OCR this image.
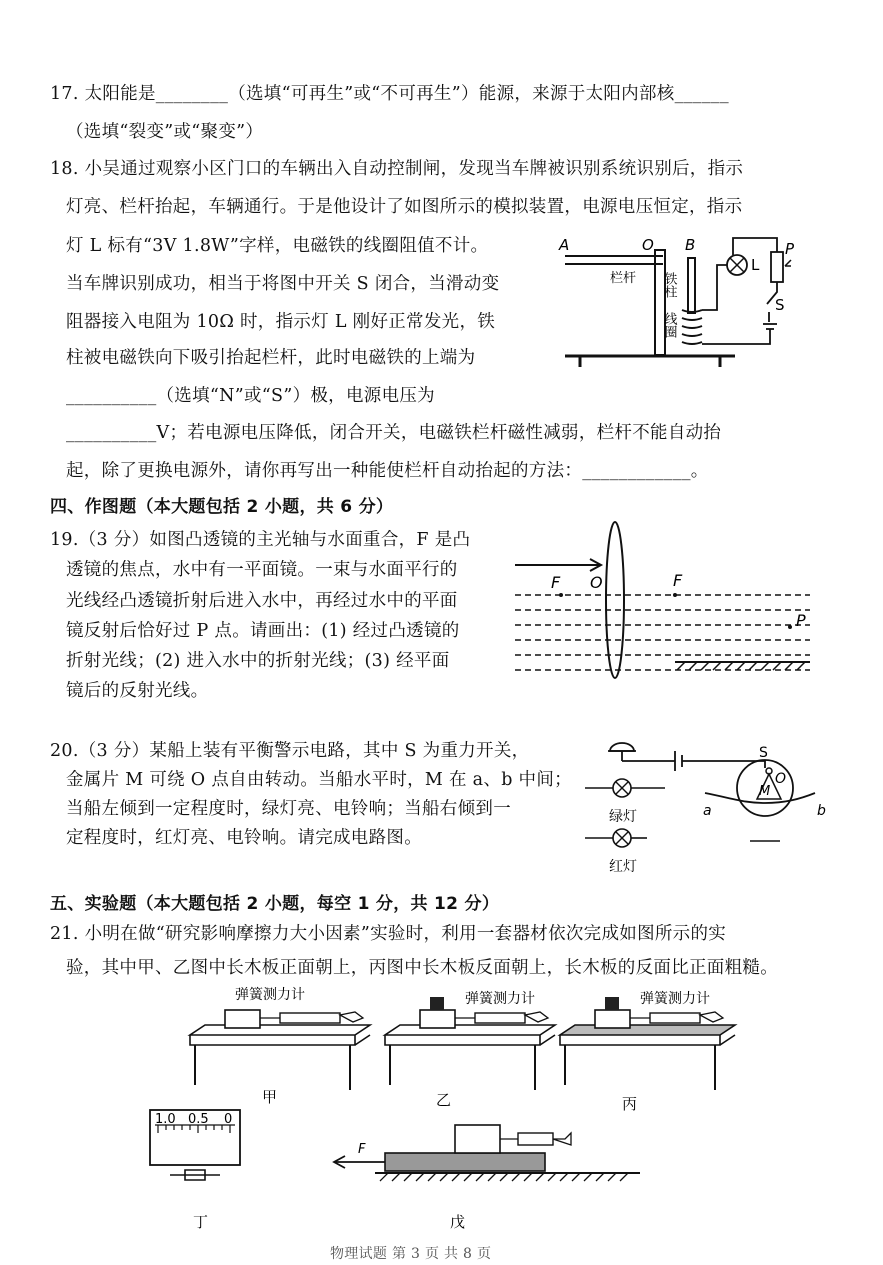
17. 太阳能是________（选填“可再生”或“不可再生”）能源，来源于太阳内部核______
（选填“裂变”或“聚变”）
18. 小吴通过观察小区门口的车辆出入自动控制闸，发现当车牌被识别系统识别后，指示
灯亮、栏杆抬起，车辆通行。于是他设计了如图所示的模拟装置，电源电压恒定，指示
灯 L 标有“3V 1.8W”字样，电磁铁的线圈阻值不计。
当车牌识别成功，相当于将图中开关 S 闭合，当滑动变
阻器接入电阻为 10Ω 时，指示灯 L 刚好正常发光，铁
柱被电磁铁向下吸引抬起栏杆，此时电磁铁的上端为
__________（选填“N”或“S”）极，电源电压为
__________V；若电源电压降低，闭合开关，电磁铁栏杆磁性减弱，栏杆不能自动抬
起，除了更换电源外，请你再写出一种能使栏杆自动抬起的方法：____________。
A	O B
栏杆 铁柱
线圈
L
P
S
四、作图题（本大题包括 2 小题，共 6 分）
19.（3 分）如图凸透镜的主光轴与水面重合，F 是凸
透镜的焦点，水中有一平面镜。一束与水面平行的
光线经凸透镜折射后进入水中，再经过水中的平面
镜反射后恰好过 P 点。请画出：(1) 经过凸透镜的
折射光线；(2) 进入水中的折射光线；(3) 经平面
镜后的反射光线。
F O	F
P
20.（3 分）某船上装有平衡警示电路，其中 S 为重力开关，
金属片 M 可绕 O 点自由转动。当船水平时，M 在 a、b 中间；
当船左倾到一定程度时，绿灯亮、电铃响；当船右倾到一
定程度时，红灯亮、电铃响。请完成电路图。
S
O
M
a	b
绿灯
红灯
五、实验题（本大题包括 2 小题，每空 1 分，共 12 分）
21. 小明在做“研究影响摩擦力大小因素”实验时，利用一套器材依次完成如图所示的实
验，其中甲、乙图中长木板正面朝上，丙图中长木板反面朝上，长木板的反面比正面粗糙。
弹簧测力计	弹簧测力计	弹簧测力计
甲	乙	丙
1.0 0.5 0
F
丁	戊
物理试题 第 3 页 共 8 页
